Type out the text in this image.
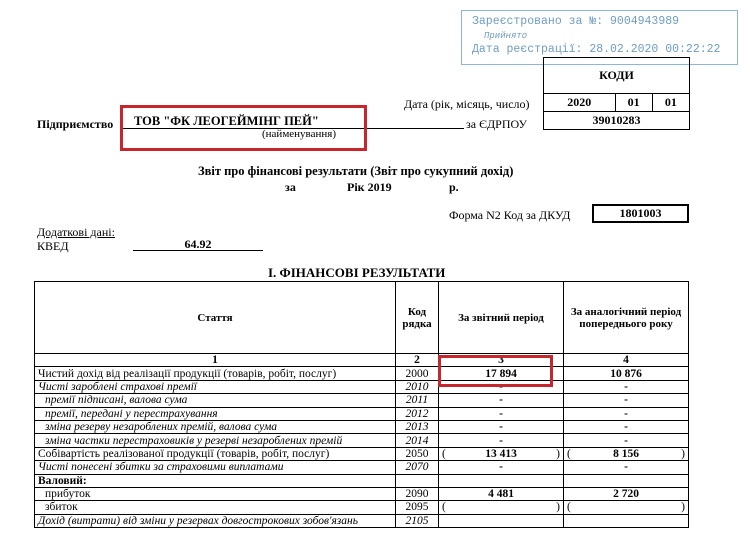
Зареєстровано за №: 9004943989
Прийнято
Дата реєстрації: 28.02.2020 00:22:22
КОДИ
2020	01	01
39010283
Дата (рік, місяць, число)
Підприємство ТОВ "ФК ЛЕОГЕЙМІНГ ПЕЙ"
(найменування)
за ЄДРПОУ
Звіт про фінансові результати (Звіт про сукупний дохід)
за	Рік 2019	р.
Форма N2 Код за ДКУД	1801003
Додаткові дані:
КВЕД	64.92
I. ФІНАНСОВІ РЕЗУЛЬТАТИ
Стаття	Код рядка	За звітний період	За аналогічний період попереднього року
1	2	3	4
Чистий дохід від реалізації продукції (товарів, робіт, послуг)	2000	17 894	10 876
Чисті зароблені страхові премії	2010	-	-
премії підписані, валова сума	2011	-	-
премії, передані у перестрахування	2012	-	-
зміна резерву незароблених премій, валова сума	2013	-	-
зміна частки перестраховиків у резерві незароблених премій	2014	-	-
Собівартість реалізованої продукції (товарів, робіт, послуг)	2050	( 13 413 )	( 8 156 )

Чисті понесені збитки за страховими виплатами	2070	-	-
Валовий:			
прибуток	2090	4 481	2 720
збиток	2095	( )	( )

Дохід (витрати) від зміни у резервах довгострокових зобов'язань	2105		
